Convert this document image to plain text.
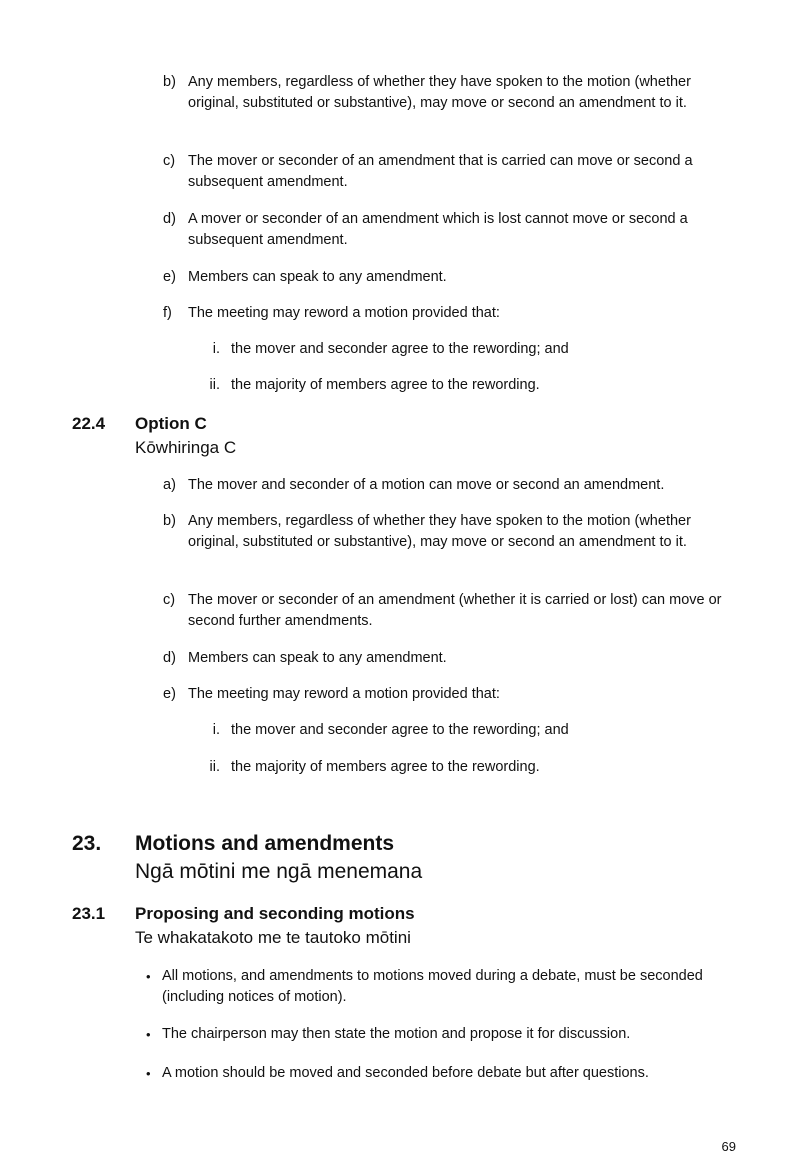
b) Any members, regardless of whether they have spoken to the motion (whether original, substituted or substantive), may move or second an amendment to it.
c) The mover or seconder of an amendment that is carried can move or second a subsequent amendment.
d) A mover or seconder of an amendment which is lost cannot move or second a subsequent amendment.
e) Members can speak to any amendment.
f) The meeting may reword a motion provided that:
i. the mover and seconder agree to the rewording; and
ii. the majority of members agree to the rewording.
22.4 Option C
Kōwhiringa C
a) The mover and seconder of a motion can move or second an amendment.
b) Any members, regardless of whether they have spoken to the motion (whether original, substituted or substantive), may move or second an amendment to it.
c) The mover or seconder of an amendment (whether it is carried or lost) can move or second further amendments.
d) Members can speak to any amendment.
e) The meeting may reword a motion provided that:
i. the mover and seconder agree to the rewording; and
ii. the majority of members agree to the rewording.
23. Motions and amendments
Ngā mōtini me ngā menemana
23.1 Proposing and seconding motions
Te whakatakoto me te tautoko mōtini
• All motions, and amendments to motions moved during a debate, must be seconded (including notices of motion).
• The chairperson may then state the motion and propose it for discussion.
• A motion should be moved and seconded before debate but after questions.
69
